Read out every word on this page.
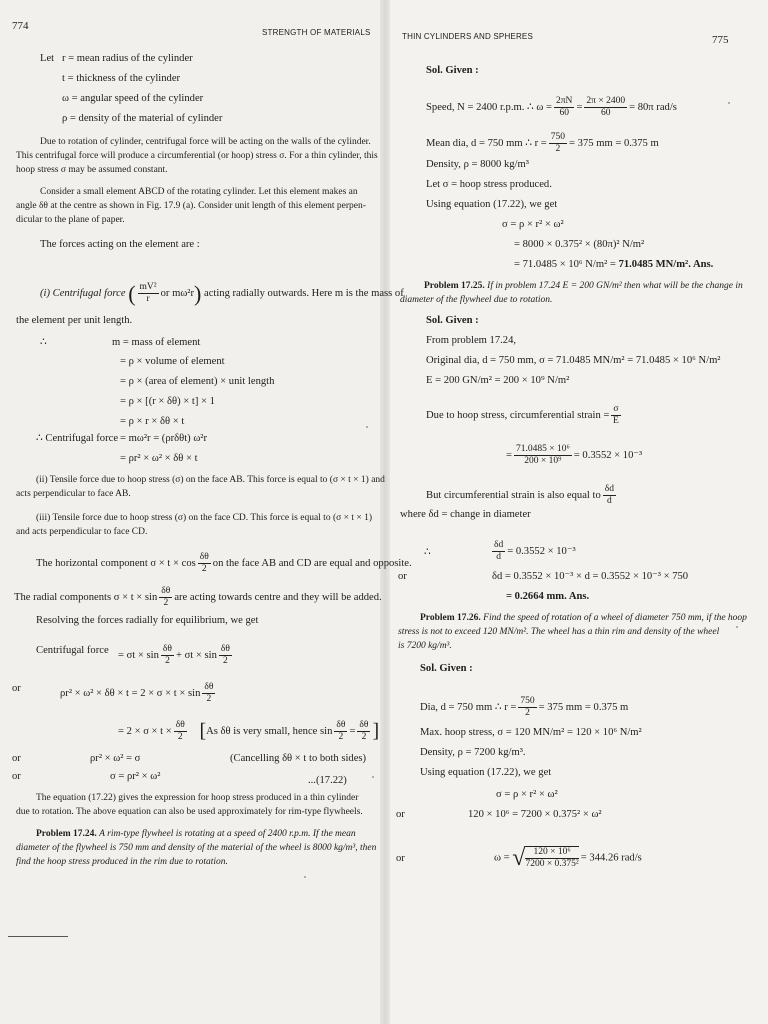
774
STRENGTH OF MATERIALS
Let r = mean radius of the cylinder
t = thickness of the cylinder
ω = angular speed of the cylinder
ρ = density of the material of cylinder
Due to rotation of cylinder, centrifugal force will be acting on the walls of the cylinder.
This centrifugal force will produce a circumferential (or hoop) stress σ. For a thin cylinder, this
hoop stress σ may be assumed constant.
Consider a small element ABCD of the rotating cylinder. Let this element makes an
angle δθ at the centre as shown in Fig. 17.9 (a). Consider unit length of this element perpen-
dicular to the plane of paper.
The forces acting on the element are :
(i) Centrifugal force ( $\frac{\text{mV²}}{r}$ or mω²r) acting radially outwards. Here m is the mass of
the element per unit length.
∴	m = mass of element
= ρ × volume of element
= ρ × (area of element) × unit length
= ρ × [(r × δθ) × t] × 1
= ρ × r × δθ × t
∴ Centrifugal force = mω²r = (ρrδθt) ω²r
= ρr² × ω² × δθ × t
(ii) Tensile force due to hoop stress (σ) on the face AB. This force is equal to (σ × t × 1) and
acts perpendicular to face AB.
(iii) Tensile force due to hoop stress (σ) on the face CD. This force is equal to (σ × t × 1)
and acts perpendicular to face CD.
The horizontal component $\sigma \times t \times \cos \frac{\delta\theta}{2}$ on the face AB and CD are equal and opposite.
The radial components $\sigma \times t \times \sin \frac{\delta\theta}{2}$ are acting towards centre and they will be added.
Resolving the forces radially for equilibrium, we get
Centrifugal force = $\sigma t \times \sin \frac{\delta\theta}{2} + \sigma t \times \sin \frac{\delta\theta}{2}$
or	$\rho r^2 \times \omega^2 \times \delta\theta \times t = 2 \times \sigma \times t \times \sin \frac{\delta\theta}{2}$
= $2 \times \sigma \times t \times \frac{\delta\theta}{2} [As$ δθ is very small, hence $\sin \frac{\delta\theta}{2} = \frac{\delta\theta}{2}$ ]
or	ρr² × ω² = σ	(Cancelling δθ × t to both sides)
or	σ = ρr² × ω²	...(17.22)
The equation (17.22) gives the expression for hoop stress produced in a thin cylinder
due to rotation. The above equation can also be used approximately for rim-type flywheels.
Problem 17.24. A rim-type flywheel is rotating at a speed of 2400 r.p.m. If the mean
diameter of the flywheel is 750 mm and density of the material of the wheel is 8000 kg/m³, then
find the hoop stress produced in the rim due to rotation.
THIN CYLINDERS AND SPHERES	775
Sol. Given :
Speed, N = 2400 r.p.m. ∴ $\omega = \frac{2\pi N}{60} = \frac{2\pi \times 2400}{60} = 80\pi$ rad/s
Mean dia, d = 750 mm ∴ $r = \frac{750}{2} = 375$ mm = 0.375 m
Density, ρ = 8000 kg/m³
Let σ = hoop stress produced.
Using equation (17.22), we get
σ = ρ × r² × ω²
= 8000 × 0.375² × (80π)² N/m²
= 71.0485 × 10⁶ N/m² = 71.0485 MN/m². Ans.
Problem 17.25. If in problem 17.24 E = 200 GN/m² then what will be the change in
diameter of the flywheel due to rotation.
Sol. Given :
From problem 17.24,
Original dia, d = 750 mm, σ = 71.0485 MN/m² = 71.0485 × 10⁶ N/m²
E = 200 GN/m² = 200 × 10⁹ N/m²
Due to hoop stress, circumferential strain = $\frac{\sigma}{E}$
= $\frac{\text{71.0485 × 10⁶}}{\text{200 × 10⁹}} = 0.3552 \times 10^{-3}$
But circumferential strain is also equal to $\frac{\delta d}{d}$
where δd = change in diameter
∴	$\frac{\delta d}{d} = 0.3552 \times 10^{-3}$
or	δd = 0.3552 × 10⁻³ × d = 0.3552 × 10⁻³ × 750
= 0.2664 mm. Ans.
Problem 17.26. Find the speed of rotation of a wheel of diameter 750 mm, if the hoop
stress is not to exceed 120 MN/m². The wheel has a thin rim and density of the wheel
is 7200 kg/m³.
Sol. Given :
Dia, d = 750 mm ∴ $r = \frac{750}{2} = 375$ mm = 0.375 m
Max. hoop stress, σ = 120 MN/m² = 120 × 10⁶ N/m²
Density, ρ = 7200 kg/m³.
Using equation (17.22), we get
σ = ρ × r² × ω²
or	120 × 10⁶ = 7200 × 0.375² × ω²
or	ω = √ $\frac{\text{120 × 10⁶}}{\text{7200 × 0.375²}} = 344.26$ rad/s
